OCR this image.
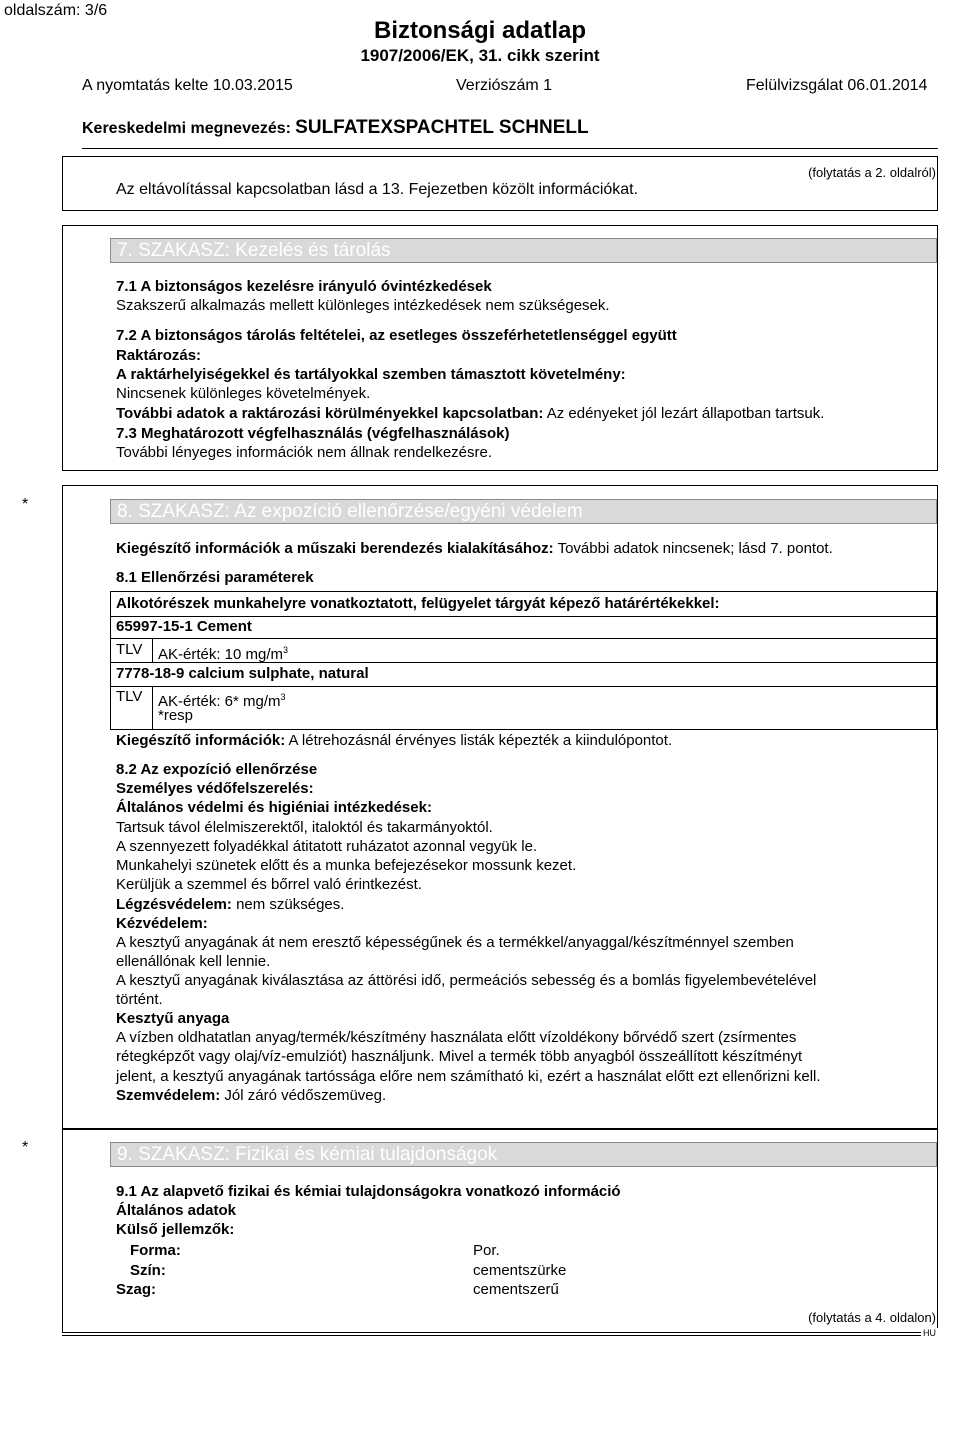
oldalszám: 3/6
Biztonsági adatlap
1907/2006/EK, 31. cikk szerint
A nyomtatás kelte 10.03.2015	Verziószám 1	Felülvizsgálat 06.01.2014
Kereskedelmi megnevezés: SULFATEXSPACHTEL SCHNELL
(folytatás a 2. oldalról)
Az eltávolítással kapcsolatban lásd a 13. Fejezetben közölt információkat.
7. SZAKASZ: Kezelés és tárolás
7.1 A biztonságos kezelésre irányuló óvintézkedések
Szakszerű alkalmazás mellett különleges intézkedések nem szükségesek.
7.2 A biztonságos tárolás feltételei, az esetleges összeférhetetlenséggel együtt
Raktározás:
A raktárhelyiségekkel és tartályokkal szemben támasztott követelmény:
Nincsenek különleges követelmények.
További adatok a raktározási körülményekkel kapcsolatban: Az edényeket jól lezárt állapotban tartsuk.
7.3 Meghatározott végfelhasználás (végfelhasználások)
További lényeges információk nem állnak rendelkezésre.
*	8. SZAKASZ: Az expozíció ellenőrzése/egyéni védelem
Kiegészítő információk a műszaki berendezés kialakításához: További adatok nincsenek; lásd 7. pontot.
8.1 Ellenőrzési paraméterek
Alkotórészek munkahelyre vonatkoztatott, felügyelet tárgyát képező határértékekkel:
65997-15-1 Cement
TLV AK-érték: 10 $mg/m^3$
7778-18-9 calcium sulphate, natural
TLV AK-érték: 6* $mg/m^3$
*resp
Kiegészítő információk: A létrehozásnál érvényes listák képezték a kiindulópontot.
8.2 Az expozíció ellenőrzése
Személyes védőfelszerelés:
Általános védelmi és higiéniai intézkedések:
Tartsuk távol élelmiszerektől, italoktól és takarmányoktól.
A szennyezett folyadékkal átitatott ruházatot azonnal vegyük le.
Munkahelyi szünetek előtt és a munka befejezésekor mossunk kezet.
Kerüljük a szemmel és bőrrel való érintkezést.
Légzésvédelem: nem szükséges.
Kézvédelem:
A kesztyű anyagának át nem eresztő képességűnek és a termékkel/anyaggal/készítménnyel szemben
ellenállónak kell lennie.
A kesztyű anyagának kiválasztása az áttörési idő, permeációs sebesség és a bomlás figyelembevételével
történt.
Kesztyű anyaga
A vízben oldhatatlan anyag/termék/készítmény használata előtt vízoldékony bőrvédő szert (zsírmentes
rétegképzőt vagy olaj/víz-emulziót) használjunk. Mivel a termék több anyagból összeállított készítményt
jelent, a kesztyű anyagának tartóssága előre nem számítható ki, ezért a használat előtt ezt ellenőrizni kell.
Szemvédelem: Jól záró védőszemüveg.
*	9. SZAKASZ: Fizikai és kémiai tulajdonságok
9.1 Az alapvető fizikai és kémiai tulajdonságokra vonatkozó információ
Általános adatok
Külső jellemzők:
Forma:	Por.
Szín:	cementszürke
Szag:	cementszerű
(folytatás a 4. oldalon)
HU
